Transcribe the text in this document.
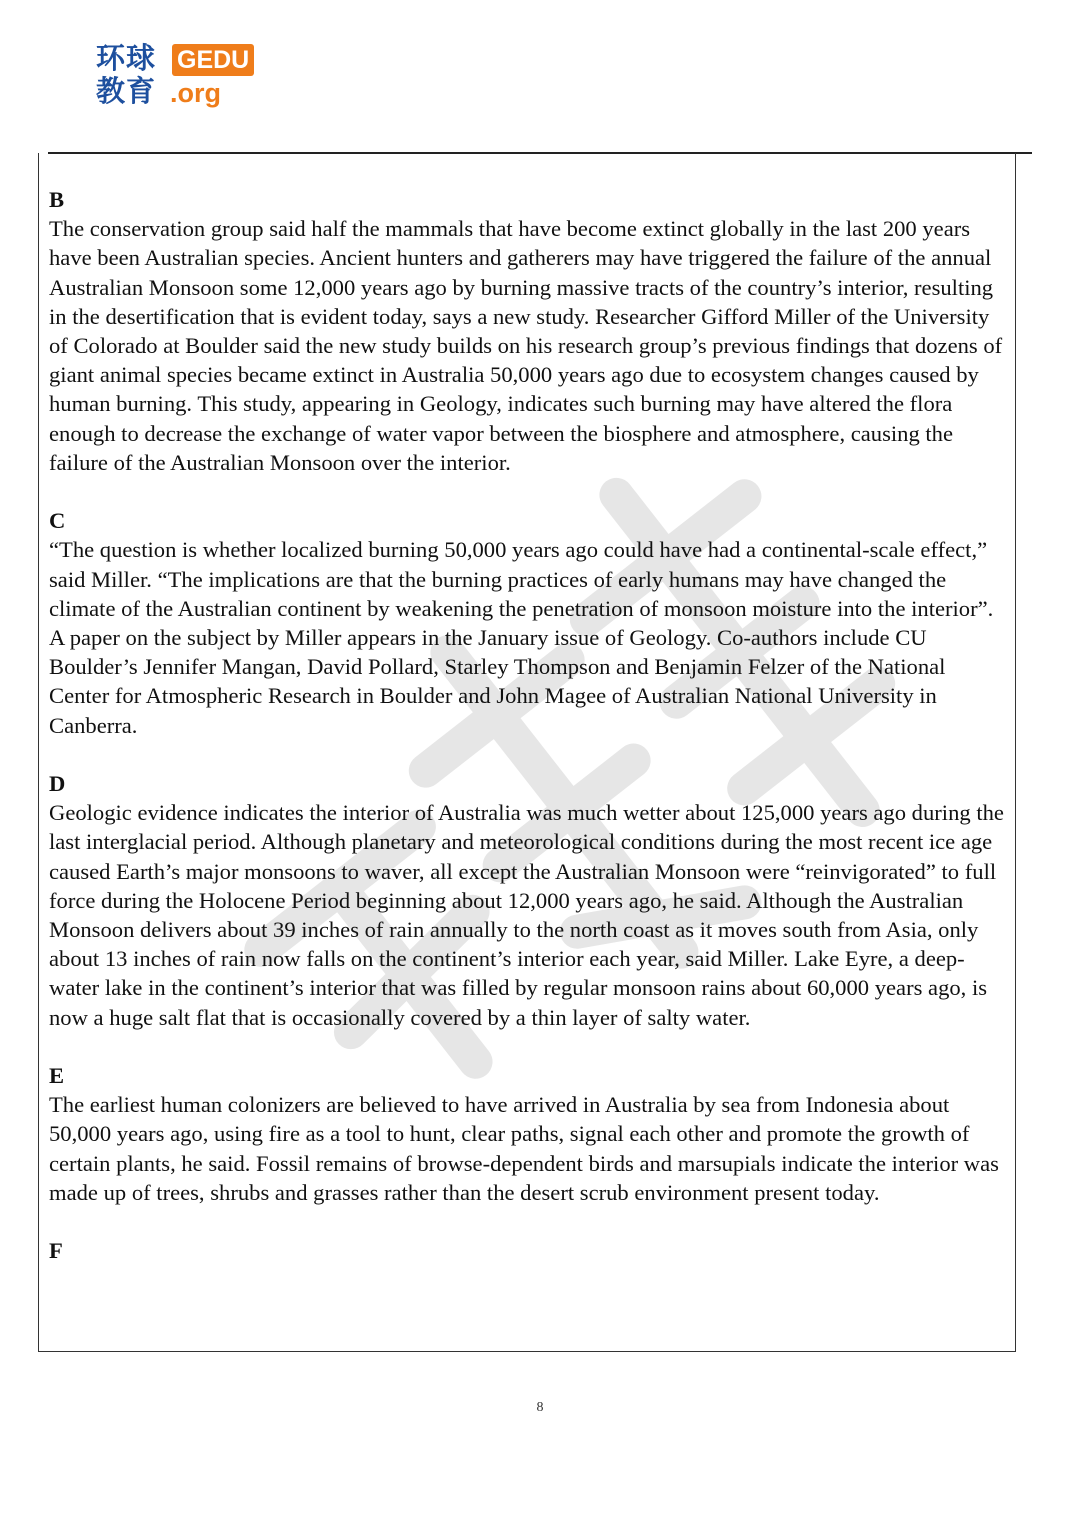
环球
教育
GEDU
.org
B
The conservation group said half the mammals that have become extinct globally in the last 200 years have been Australian species. Ancient hunters and gatherers may have triggered the failure of the annual Australian Monsoon some 12,000 years ago by burning massive tracts of the country’s interior, resulting in the desertification that is evident today, says a new study. Researcher Gifford Miller of the University of Colorado at Boulder said the new study builds on his research group’s previous findings that dozens of giant animal species became extinct in Australia 50,000 years ago due to ecosystem changes caused by human burning. This study, appearing in Geology, indicates such burning may have altered the flora enough to decrease the exchange of water vapor between the biosphere and atmosphere, causing the failure of the Australian Monsoon over the interior.
C
“The question is whether localized burning 50,000 years ago could have had a continental-scale effect,” said Miller. “The implications are that the burning practices of early humans may have changed the climate of the Australian continent by weakening the penetration of monsoon moisture into the interior”. A paper on the subject by Miller appears in the January issue of Geology. Co-authors include CU Boulder’s Jennifer Mangan, David Pollard, Starley Thompson and Benjamin Felzer of the National Center for Atmospheric Research in Boulder and John Magee of Australian National University in Canberra.
D
Geologic evidence indicates the interior of Australia was much wetter about 125,000 years ago during the last interglacial period. Although planetary and meteorological conditions during the most recent ice age caused Earth’s major monsoons to waver, all except the Australian Monsoon were “reinvigorated” to full force during the Holocene Period beginning about 12,000 years ago, he said. Although the Australian Monsoon delivers about 39 inches of rain annually to the north coast as it moves south from Asia, only about 13 inches of rain now falls on the continent’s interior each year, said Miller. Lake Eyre, a deep-water lake in the continent’s interior that was filled by regular monsoon rains about 60,000 years ago, is now a huge salt flat that is occasionally covered by a thin layer of salty water.
E
The earliest human colonizers are believed to have arrived in Australia by sea from Indonesia about 50,000 years ago, using fire as a tool to hunt, clear paths, signal each other and promote the growth of certain plants, he said. Fossil remains of browse-dependent birds and marsupials indicate the interior was made up of trees, shrubs and grasses rather than the desert scrub environment present today.
F
8
